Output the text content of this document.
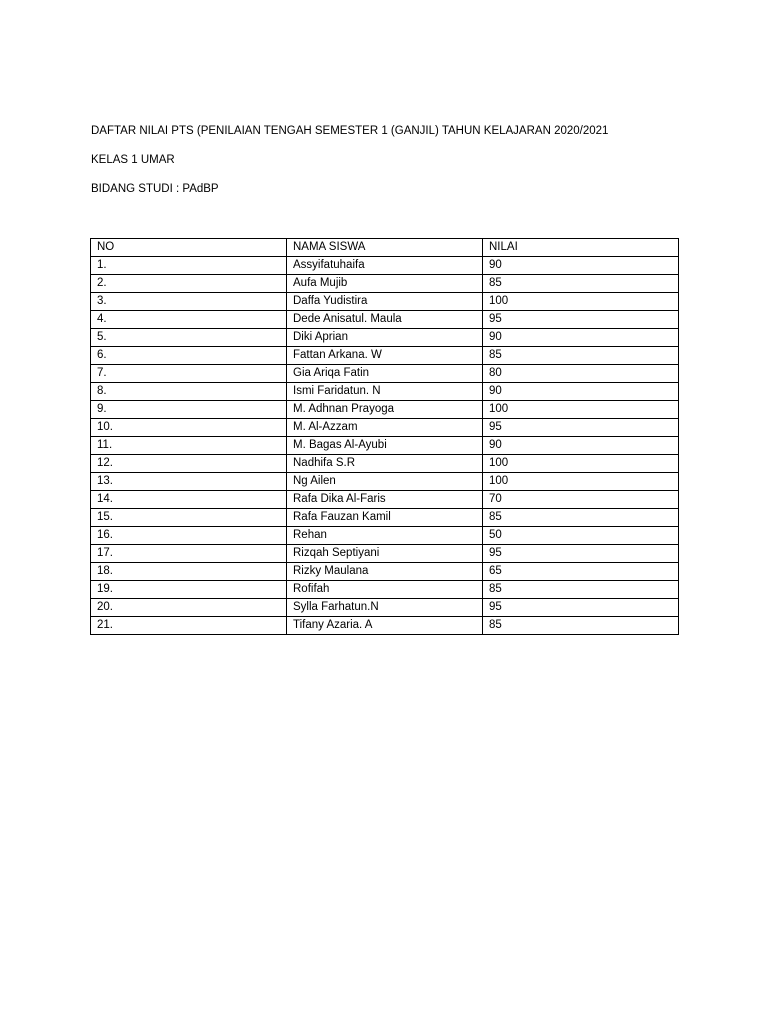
DAFTAR NILAI PTS (PENILAIAN TENGAH SEMESTER 1 (GANJIL) TAHUN KELAJARAN 2020/2021
KELAS 1 UMAR
BIDANG STUDI : PAdBP
NO	NAMA SISWA	NILAI
1.	Assyifatuhaifa	90
2.	Aufa Mujib	85
3.	Daffa Yudistira	100
4.	Dede Anisatul. Maula	95
5.	Diki Aprian	90
6.	Fattan Arkana. W	85
7.	Gia Ariqa Fatin	80
8.	Ismi Faridatun. N	90
9.	M. Adhnan Prayoga	100
10.	M. Al-Azzam	95
11.	M. Bagas Al-Ayubi	90
12.	Nadhifa S.R	100
13.	Ng Ailen	100
14.	Rafa Dika Al-Faris	70
15.	Rafa Fauzan Kamil	85
16.	Rehan	50
17.	Rizqah Septiyani	95
18.	Rizky Maulana	65
19.	Rofifah	85
20.	Sylla Farhatun.N	95
21.	Tifany Azaria. A	85
